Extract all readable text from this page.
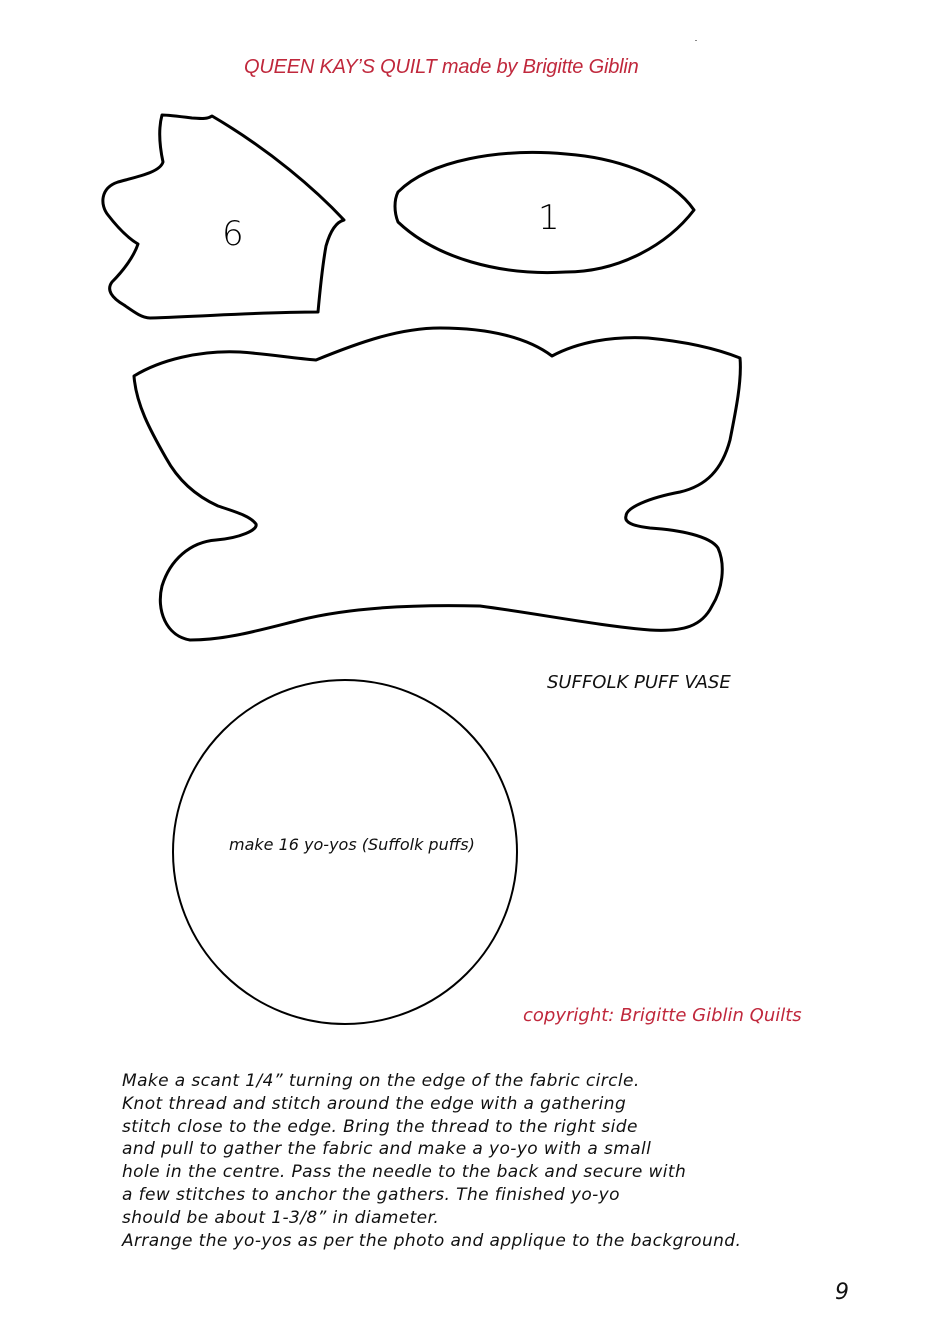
QUEEN KAY’S QUILT made by Brigitte Giblin
6	1
SUFFOLK PUFF VASE
make 16 yo-yos (Suffolk puffs)
copyright: Brigitte Giblin Quilts
Make a scant 1/4” turning on the edge of the fabric circle.
Knot thread and stitch around the edge with a gathering
stitch close to the edge. Bring the thread to the right side
and pull to gather the fabric and make a yo-yo with a small
hole in the centre. Pass the needle to the back and secure with
a few stitches to anchor the gathers. The finished yo-yo
should be about 1-3/8” in diameter.
Arrange the yo-yos as per the photo and applique to the background.
9
